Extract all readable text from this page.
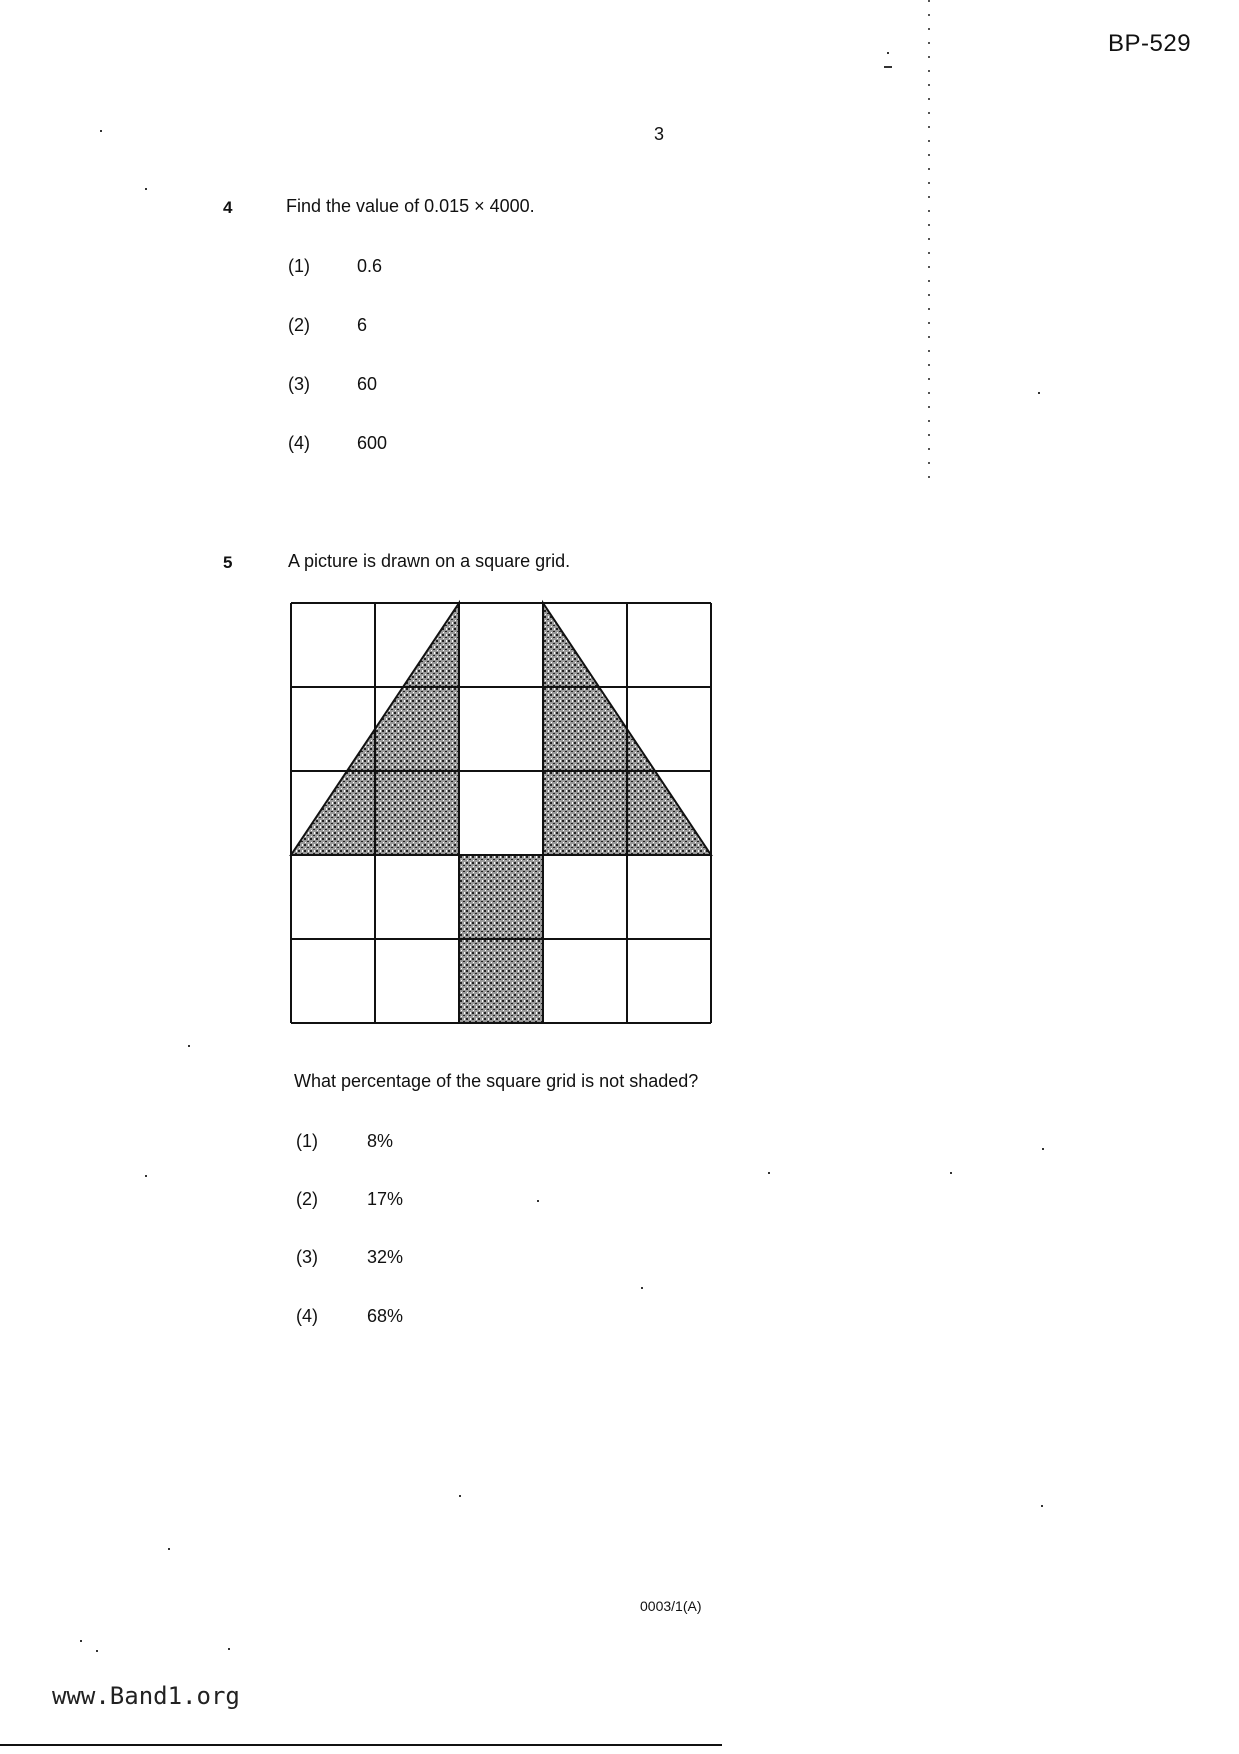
BP-529
3
4	Find the value of 0.015 × 4000.
(1)	0.6
(2)	6
(3)	60
(4)	600
5	A picture is drawn on a square grid.
What percentage of the square grid is not shaded?
(1)	8%
(2)	17%
(3)	32%
(4)	68%
0003/1(A)
www.Band1.org
